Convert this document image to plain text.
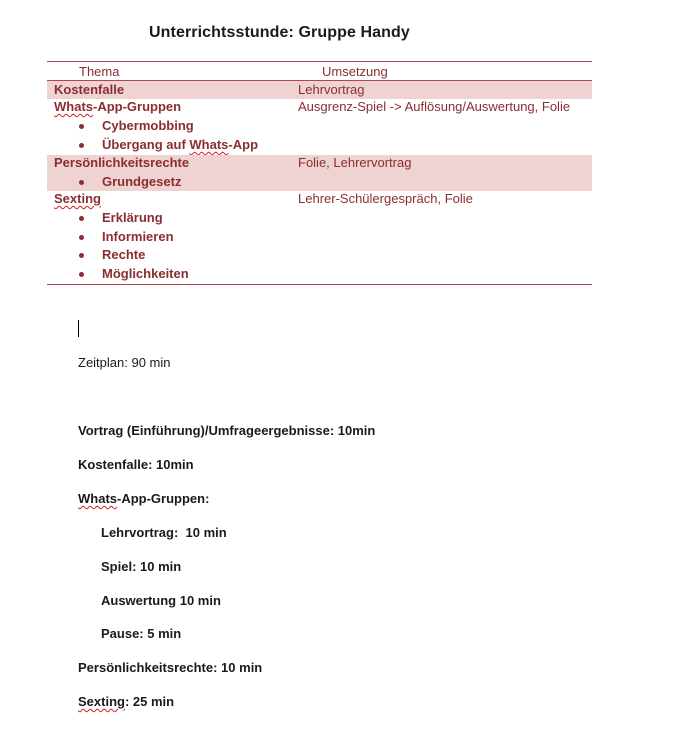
Unterrichtsstunde: Gruppe Handy
Thema	Umsetzung
Kostenfalle	Lehrvortrag
Whats-App-Gruppen	Ausgrenz-Spiel -> Auflösung/Auswertung, Folie
Cybermobbing
Übergang auf Whats-App
Persönlichkeitsrechte	Folie, Lehrervortrag
Grundgesetz
Sexting	Lehrer-Schülergespräch, Folie
Erklärung
Informieren
Rechte
Möglichkeiten
Zeitplan: 90 min
Vortrag (Einführung)/Umfrageergebnisse: 10min
Kostenfalle: 10min
Whats-App-Gruppen:
Lehrvortrag:  10 min
Spiel: 10 min
Auswertung 10 min
Pause: 5 min
Persönlichkeitsrechte: 10 min
Sexting: 25 min
